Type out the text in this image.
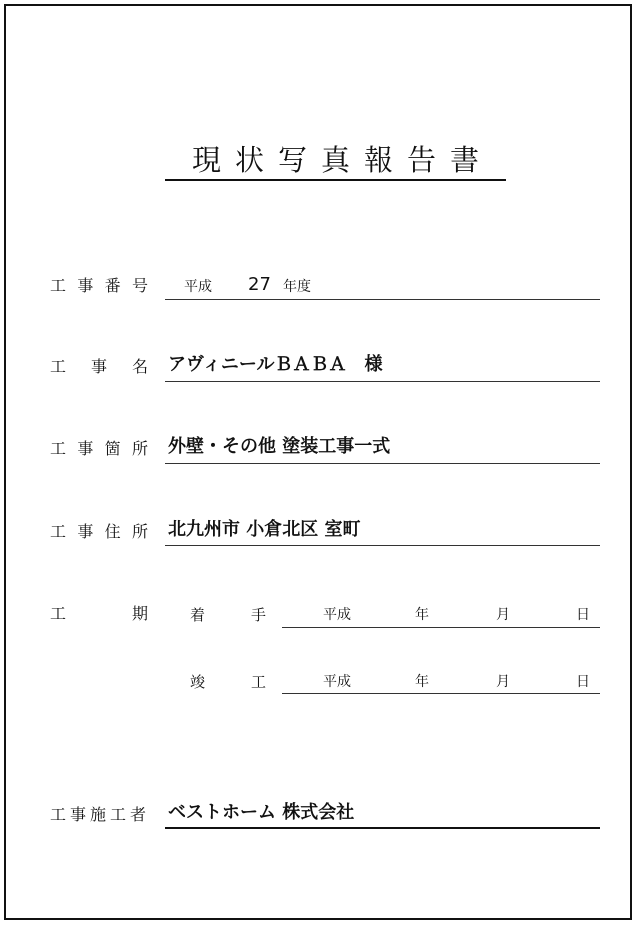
現状写真報告書
工 事 番 号	平成 27 年度
工 事 名 アヴィニールＢＡＢＡ　様
工 事 箇 所 外壁・その他 塗装工事一式
工 事 住 所 北九州市 小倉北区 室町
工	期	着	手	平成	年	月	日
竣	工	平成	年	月	日
工 事 施 工 者 ベストホーム 株式会社
